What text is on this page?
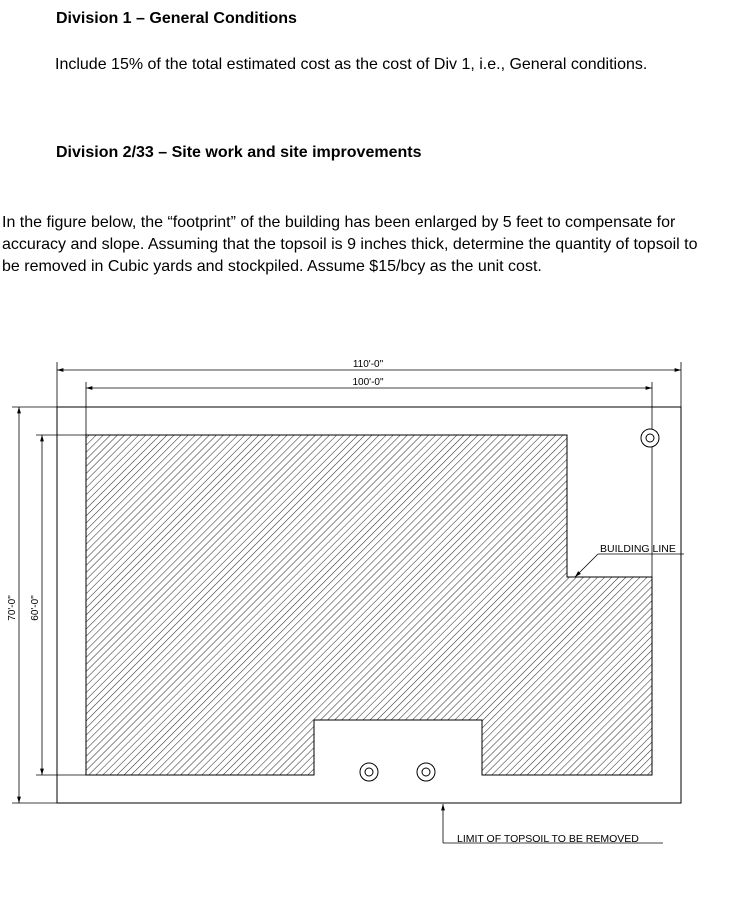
Division 1 – General Conditions

Include 15% of the total estimated cost as the cost of Div 1, i.e., General conditions.

Division 2/33 – Site work and site improvements

In the figure below, the “footprint” of the building has been enlarged by 5 feet to compensate for accuracy and slope. Assuming that the topsoil is 9 inches thick, determine the quantity of topsoil to be removed in Cubic yards and stockpiled. Assume $15/bcy as the unit cost.

110'-0"
100'-0"
70'-0" 60'-0"
BUILDING LINE
LIMIT OF TOPSOIL TO BE REMOVED
